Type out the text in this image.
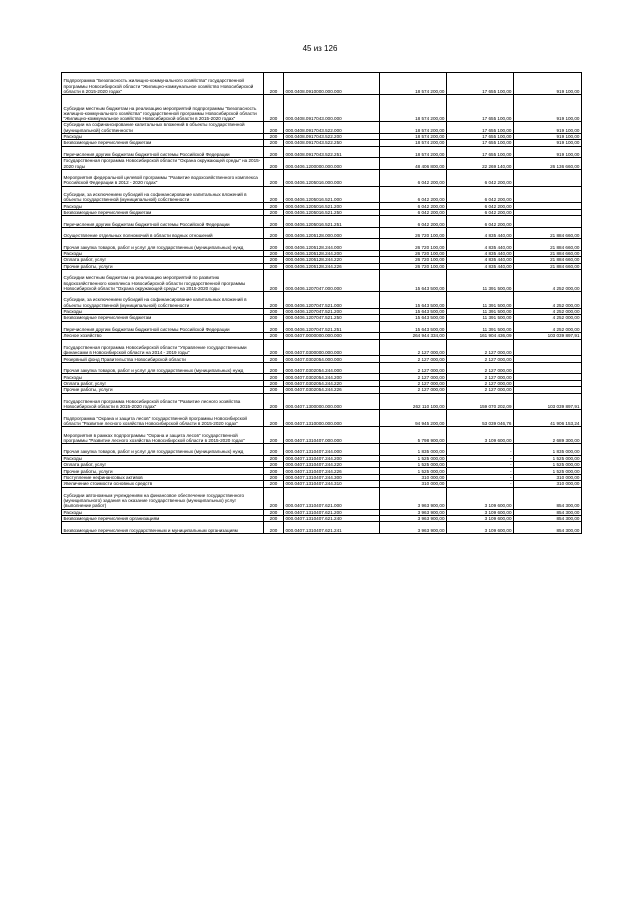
45 из 126
Подпрограмма "Безопасность жилищно-коммунального хозяйства" государственной программы Новосибирской области "Жилищно-коммунальное хозяйство Новосибирской области в 2015-2020 годах"	200	000.0408.0910000.000.000	18 574 200,00	17 655 100,00	919 100,00
Субсидии местным бюджетам на реализацию мероприятий подпрограммы "Безопасность жилищно-коммунального хозяйства" государственной программы Новосибирской области "Жилищно-коммунальное хозяйство Новосибирской области в 2015-2020 годах"	200	000.0408.0917043.000.000	18 574 200,00	17 655 100,00	919 100,00
Субсидии на софинансирование капитальных вложений в объекты государственной (муниципальной) собственности	200	000.0408.0917043.522.000	18 574 200,00	17 655 100,00	919 100,00
Расходы	200	000.0408.0917043.522.200	18 574 200,00	17 655 100,00	919 100,00
Безвозмездные перечисления бюджетам	200	000.0408.0917043.522.250	18 574 200,00	17 655 100,00	919 100,00
Перечисления другим бюджетам бюджетной системы Российской Федерации	200	000.0408.0917043.522.251	18 574 200,00	17 655 100,00	919 100,00
Государственная программа Новосибирской области "Охрана окружающей среды" на 2015-2020 годы	200	000.0406.1200000.000.000	48 406 800,00	22 269 140,00	26 136 660,00
Мероприятия федеральной целевой программы "Развитие водохозяйственного комплекса Российской Федерации в 2012 - 2020 годах"	200	000.0406.1205016.000.000	6 042 200,00	6 042 200,00	
Субсидии, за исключением субсидий на софинансирование капитальных вложений в объекты государственной (муниципальной) собственности	200	000.0406.1205016.521.000	6 042 200,00	6 042 200,00	
Расходы	200	000.0406.1205016.521.200	6 042 200,00	6 042 200,00	
Безвозмездные перечисления бюджетам	200	000.0406.1205016.521.250	6 042 200,00	6 042 200,00	
Перечисления другим бюджетам бюджетной системы Российской Федерации	200	000.0406.1205016.521.251	6 042 200,00	6 042 200,00	
Осуществление отдельных полномочий в области водных отношений	200	000.0406.1205128.000.000	26 720 100,00	4 835 440,00	21 884 660,00
Прочая закупка товаров, работ и услуг для государственных (муниципальных) нужд	200	000.0406.1205128.244.000	26 720 100,00	4 835 440,00	21 884 660,00
Расходы	200	000.0406.1205128.244.200	26 720 100,00	4 835 440,00	21 884 660,00
Оплата работ, услуг	200	000.0406.1205128.244.220	26 720 100,00	4 835 440,00	21 884 660,00
Прочие работы, услуги	200	000.0406.1205128.244.226	26 720 100,00	4 835 440,00	21 884 660,00
Субсидии местным бюджетам на реализацию мероприятий по развитию водохозяйственного комплекса Новосибирской области государственной программы Новосибирской области "Охрана окружающей среды" на 2015-2020 годы	200	000.0406.1207047.000.000	15 643 500,00	11 391 500,00	4 252 000,00
Субсидии, за исключением субсидий на софинансирование капитальных вложений в объекты государственной (муниципальной) собственности	200	000.0406.1207047.521.000	15 643 500,00	11 391 500,00	4 252 000,00
Расходы	200	000.0406.1207047.521.200	15 643 500,00	11 391 500,00	4 252 000,00
Безвозмездные перечисления бюджетам	200	000.0406.1207047.521.250	15 643 500,00	11 391 500,00	4 252 000,00
Перечисления другим бюджетам бюджетной системы Российской Федерации	200	000.0406.1207047.521.251	15 643 500,00	11 391 500,00	4 252 000,00
Лесное хозяйство	200	000.0407.0000000.000.000	264 944 334,00	161 904 436,09	103 039 897,91
Государственная программа Новосибирской области "Управление государственными финансами в Новосибирской области на 2014 - 2019 годы"	200	000.0407.0300000.000.000	2 127 000,00	2 127 000,00	
Резервный фонд Правительства Новосибирской области	200	000.0407.0302054.000.000	2 127 000,00	2 127 000,00	
Прочая закупка товаров, работ и услуг для государственных (муниципальных) нужд	200	000.0407.0302054.244.000	2 127 000,00	2 127 000,00	
Расходы	200	000.0407.0302054.244.200	2 127 000,00	2 127 000,00	
Оплата работ, услуг	200	000.0407.0302054.244.220	2 127 000,00	2 127 000,00	
Прочие работы, услуги	200	000.0407.0302054.244.226	2 127 000,00	2 127 000,00	
Государственная программа Новосибирской области "Развитие лесного хозяйства Новосибирской области в 2015-2020 годах"	200	000.0407.1300000.000.000	262 110 100,00	159 070 202,09	103 039 897,91
Подпрограмма "Охрана и защита лесов" государственной программы Новосибирской области "Развитие лесного хозяйства Новосибирской области в 2015-2020 годах"	200	000.0407.1310000.000.000	94 945 200,00	53 039 046,76	41 906 153,24
Мероприятия в рамках подпрограммы "Охрана и защита лесов" государственной программы "Развитие лесного хозяйства Новосибирской области в 2015-2020 годах"	200	000.0407.1310407.000.000	5 798 900,00	3 109 600,00	2 689 300,00
Прочая закупка товаров, работ и услуг для государственных (муниципальных) нужд	200	000.0407.1310407.244.000	1 835 000,00	-	1 835 000,00
Расходы	200	000.0407.1310407.244.200	1 525 000,00	-	1 525 000,00
Оплата работ, услуг	200	000.0407.1310407.244.220	1 525 000,00	-	1 525 000,00
Прочие работы, услуги	200	000.0407.1310407.244.226	1 525 000,00	-	1 525 000,00
Поступление нефинансовых активов	200	000.0407.1310407.244.300	310 000,00	-	310 000,00
Увеличение стоимости основных средств	200	000.0407.1310407.244.310	310 000,00	-	310 000,00
Субсидии автономным учреждениям на финансовое обеспечение государственного (муниципального) задания на оказание государственных (муниципальных) услуг (выполнение работ)	200	000.0407.1310407.621.000	3 963 900,00	3 109 600,00	854 300,00
Расходы	200	000.0407.1310407.621.200	3 963 900,00	3 109 600,00	854 300,00
Безвозмездные перечисления организациям	200	000.0407.1310407.621.240	3 963 900,00	3 109 600,00	854 300,00
Безвозмездные перечисления государственным и муниципальным организациям	200	000.0407.1310407.621.241	3 963 900,00	3 109 600,00	854 300,00
